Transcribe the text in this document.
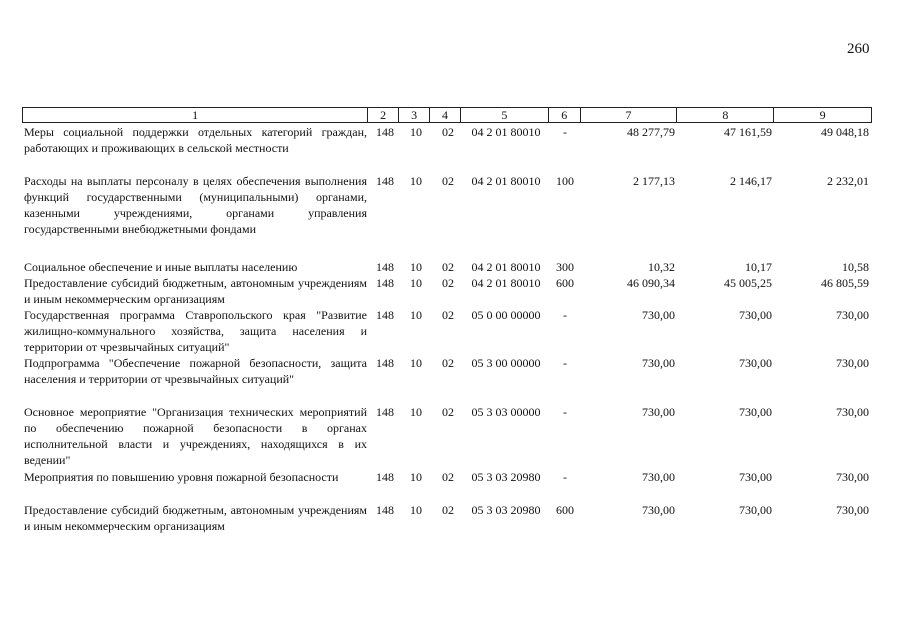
260
1	2	3	4	5	6	7	8	9
Меры социальной поддержки отдельных категорий граждан, работающих и проживающих в сельской местности
148	10	02	04 2 01 80010	-	48 277,79	47 161,59	49 048,18
Расходы на выплаты персоналу в целях обеспечения выполнения функций государственными (муниципальными) органами, казенными учреждениями, органами управления государственными внебюджетными фондами
148	10	02	04 2 01 80010	100	2 177,13	2 146,17	2 232,01
Социальное обеспечение и иные выплаты населению	148	10	02	04 2 01 80010	300	10,32	10,17	10,58
Предоставление субсидий бюджетным, автономным учреждениям и иным некоммерческим организациям
148	10	02	04 2 01 80010	600	46 090,34	45 005,25	46 805,59
Государственная программа Ставропольского края "Развитие жилищно-коммунального хозяйства, защита населения и территории от чрезвычайных ситуаций"
148	10	02	05 0 00 00000	-	730,00	730,00	730,00
Подпрограмма "Обеспечение пожарной безопасности, защита населения и территории от чрезвычайных ситуаций"
148	10	02	05 3 00 00000	-	730,00	730,00	730,00
Основное мероприятие "Организация технических мероприятий по обеспечению пожарной безопасности в органах исполнительной власти и учреждениях, находящихся в их ведении"
148	10	02	05 3 03 00000	-	730,00	730,00	730,00
Мероприятия по повышению уровня пожарной безопасности	148	10	02	05 3 03 20980	-	730,00	730,00	730,00
Предоставление субсидий бюджетным, автономным учреждениям и иным некоммерческим организациям
148	10	02	05 3 03 20980	600	730,00	730,00	730,00
